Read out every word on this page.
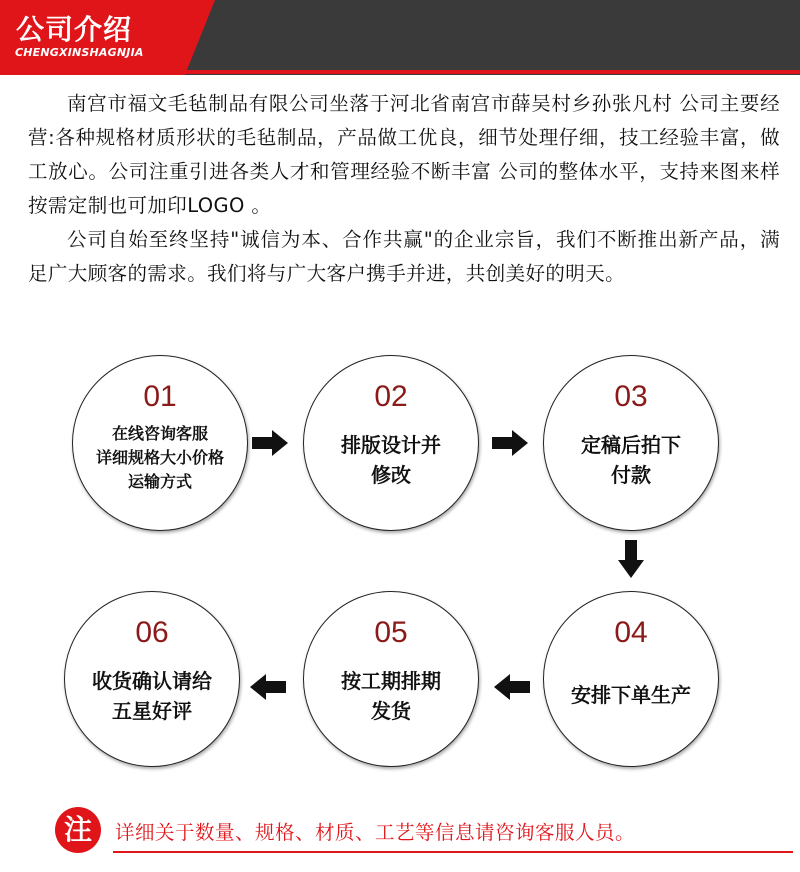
公司介绍
CHENGXINSHAGNJIA

南宫市福文毛毡制品有限公司坐落于河北省南宫市薛吴村乡孙张凡村 公司主要经营:各种规格材质形状的毛毡制品，产品做工优良，细节处理仔细，技工经验丰富，做工放心。公司注重引进各类人才和管理经验不断丰富 公司的整体水平，支持来图来样按需定制也可加印LOGO 。

公司自始至终坚持"诚信为本、合作共赢"的企业宗旨，我们不断推出新产品，满足广大顾客的需求。我们将与广大客户携手并进，共创美好的明天。

01
在线咨询客服
详细规格大小价格
运输方式
02
排版设计并
修改
03
定稿后拍下
付款
04
安排下单生产
05
按工期排期
发货
06
收货确认请给
五星好评
注	详细关于数量、规格、材质、工艺等信息请咨询客服人员。
